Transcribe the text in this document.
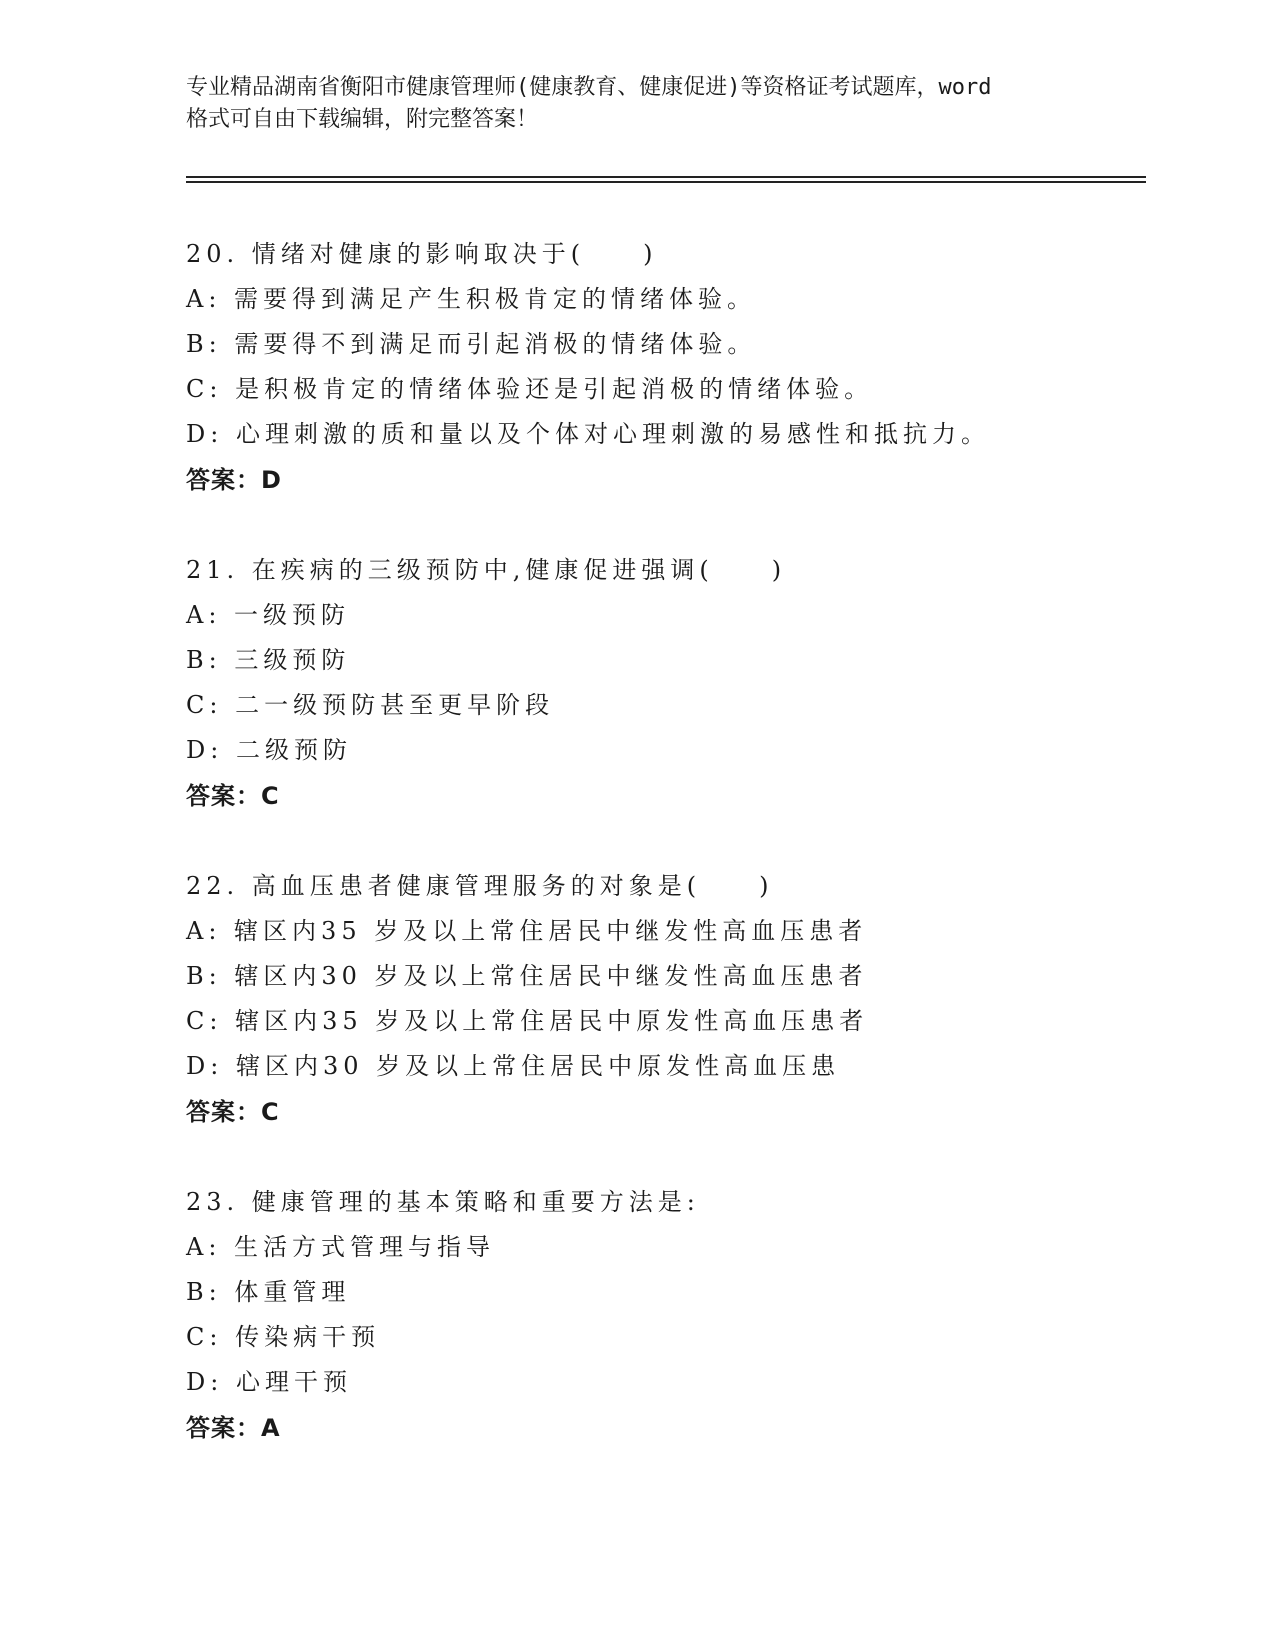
专业精品湖南省衡阳市健康管理师(健康教育、健康促进)等资格证考试题库，word
格式可自由下载编辑，附完整答案！
20. 情绪对健康的影响取决于(　　)
A: 需要得到满足产生积极肯定的情绪体验。
B: 需要得不到满足而引起消极的情绪体验。
C: 是积极肯定的情绪体验还是引起消极的情绪体验。
D: 心理刺激的质和量以及个体对心理刺激的易感性和抵抗力。
答案：D
21. 在疾病的三级预防中,健康促进强调(　　)
A: 一级预防
B: 三级预防
C: 二一级预防甚至更早阶段
D: 二级预防
答案：C
22. 高血压患者健康管理服务的对象是(　　)
A: 辖区内35 岁及以上常住居民中继发性高血压患者
B: 辖区内30 岁及以上常住居民中继发性高血压患者
C: 辖区内35 岁及以上常住居民中原发性高血压患者
D: 辖区内30 岁及以上常住居民中原发性高血压患
答案：C
23. 健康管理的基本策略和重要方法是:
A: 生活方式管理与指导
B: 体重管理
C: 传染病干预
D: 心理干预
答案：A
